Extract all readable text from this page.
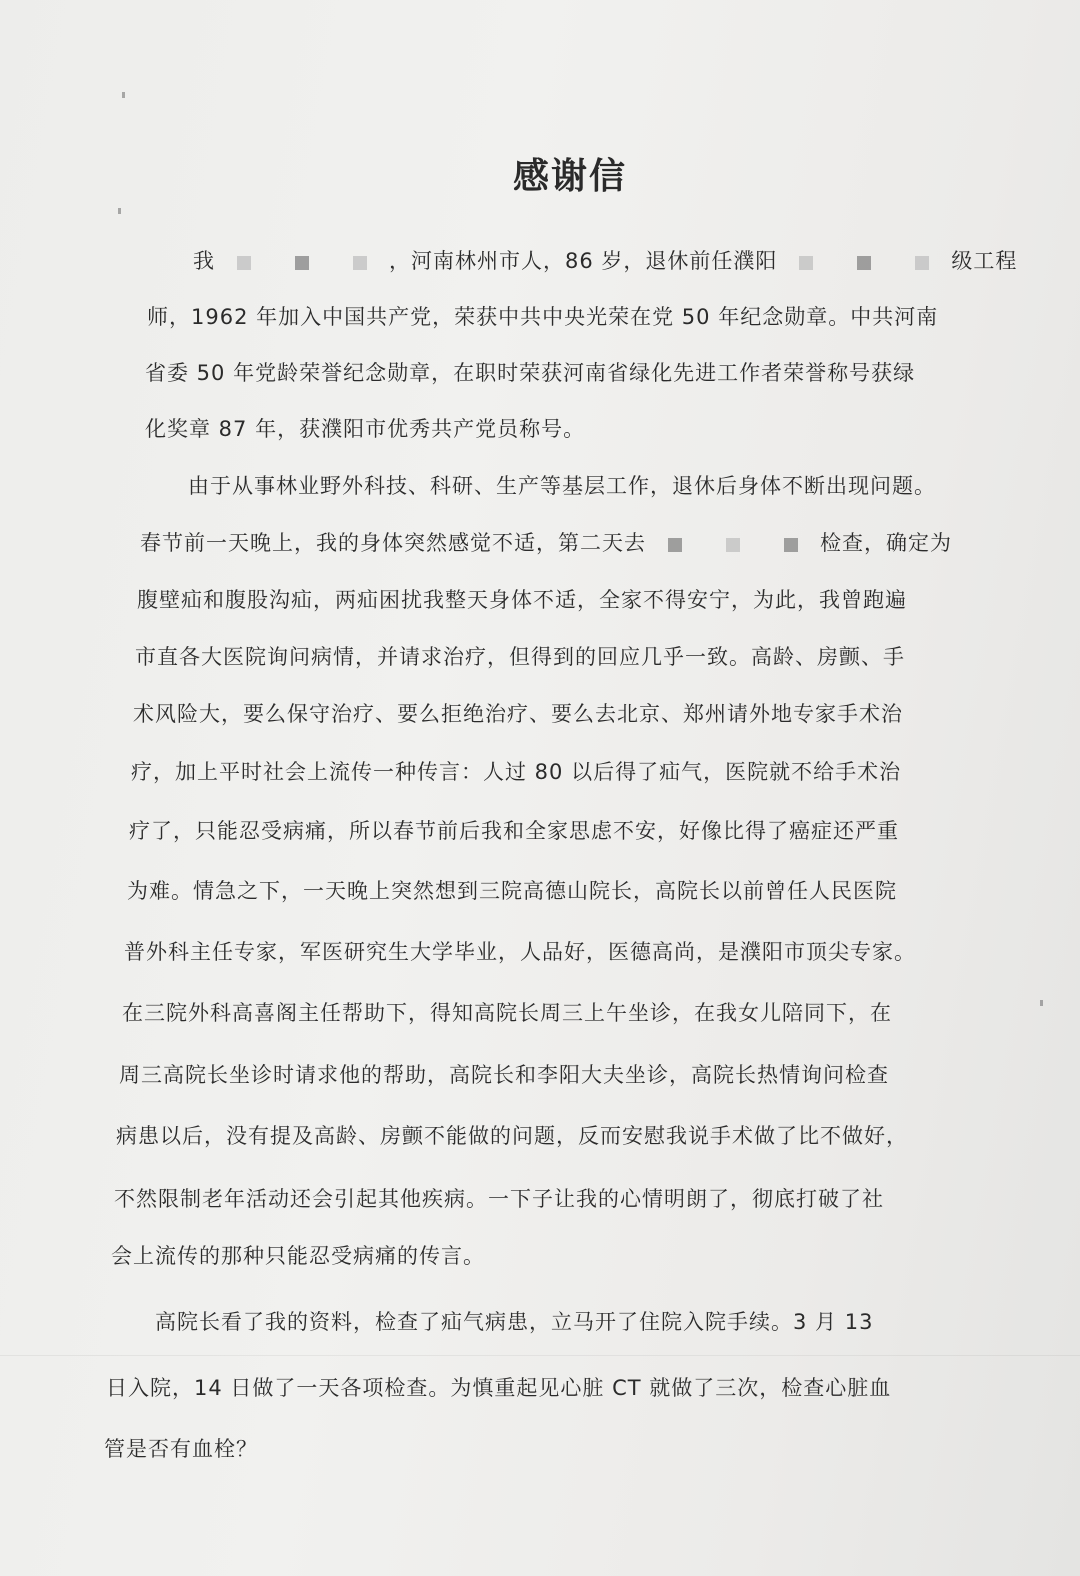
感谢信
我	，河南林州市人，86 岁，退休前任濮阳	级工程
师，1962 年加入中国共产党，荣获中共中央光荣在党 50 年纪念勋章。中共河南
省委 50 年党龄荣誉纪念勋章，在职时荣获河南省绿化先进工作者荣誉称号获绿
化奖章 87 年，获濮阳市优秀共产党员称号。
由于从事林业野外科技、科研、生产等基层工作，退休后身体不断出现问题。
春节前一天晚上，我的身体突然感觉不适，第二天去	检查，确定为
腹壁疝和腹股沟疝，两疝困扰我整天身体不适，全家不得安宁，为此，我曾跑遍
市直各大医院询问病情，并请求治疗，但得到的回应几乎一致。高龄、房颤、手
术风险大，要么保守治疗、要么拒绝治疗、要么去北京、郑州请外地专家手术治
疗，加上平时社会上流传一种传言：人过 80 以后得了疝气，医院就不给手术治
疗了，只能忍受病痛，所以春节前后我和全家思虑不安，好像比得了癌症还严重
为难。情急之下，一天晚上突然想到三院高德山院长，高院长以前曾任人民医院
普外科主任专家，军医研究生大学毕业，人品好，医德高尚，是濮阳市顶尖专家。
在三院外科高喜阁主任帮助下，得知高院长周三上午坐诊，在我女儿陪同下，在
周三高院长坐诊时请求他的帮助，高院长和李阳大夫坐诊，高院长热情询问检查
病患以后，没有提及高龄、房颤不能做的问题，反而安慰我说手术做了比不做好，
不然限制老年活动还会引起其他疾病。一下子让我的心情明朗了，彻底打破了社
会上流传的那种只能忍受病痛的传言。
高院长看了我的资料，检查了疝气病患，立马开了住院入院手续。3 月 13
日入院，14 日做了一天各项检查。为慎重起见心脏 CT 就做了三次，检查心脏血
管是否有血栓？
